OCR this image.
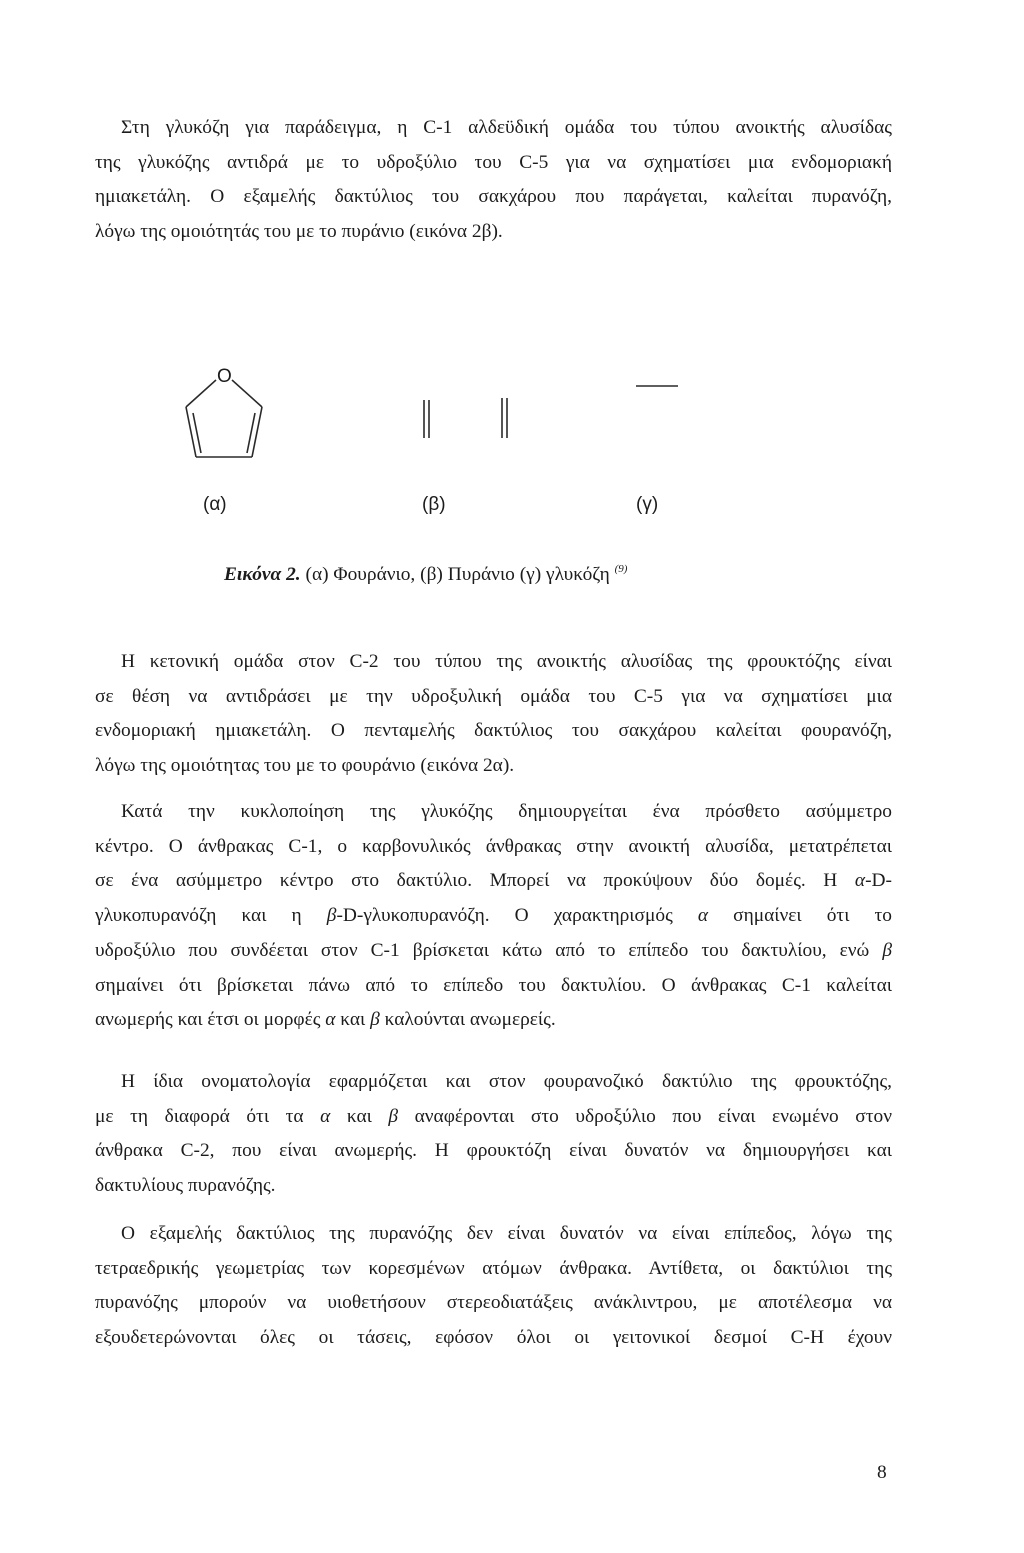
Στη γλυκόζη για παράδειγμα, η C-1 αλδεϋδική ομάδα του τύπου ανοικτής αλυσίδας
της γλυκόζης αντιδρά με το υδροξύλιο του C-5 για να σχηματίσει μια ενδομοριακή
ημιακετάλη. Ο εξαμελής δακτύλιος του σακχάρου που παράγεται, καλείται πυρανόζη,
λόγω της ομοιότητάς του με το πυράνιο (εικόνα 2β).

O
(α)	(β)	(γ)
Εικόνα 2. (α) Φουράνιο, (β) Πυράνιο (γ) γλυκόζη $^{(9)}$

Η κετονική ομάδα στον C-2 του τύπου της ανοικτής αλυσίδας της φρουκτόζης είναι
σε θέση να αντιδράσει με την υδροξυλική ομάδα του C-5 για να σχηματίσει μια
ενδομοριακή ημιακετάλη. Ο πενταμελής δακτύλιος του σακχάρου καλείται φουρανόζη,
λόγω της ομοιότητας του με το φουράνιο (εικόνα 2α).

Κατά την κυκλοποίηση της γλυκόζης δημιουργείται ένα πρόσθετο ασύμμετρο
κέντρο. Ο άνθρακας C-1, ο καρβονυλικός άνθρακας στην ανοικτή αλυσίδα, μετατρέπεται
σε ένα ασύμμετρο κέντρο στο δακτύλιο. Μπορεί να προκύψουν δύο δομές. Η α-D-
γλυκοπυρανόζη και η β-D-γλυκοπυρανόζη. Ο χαρακτηρισμός α σημαίνει ότι το
υδροξύλιο που συνδέεται στον C-1 βρίσκεται κάτω από το επίπεδο του δακτυλίου, ενώ β
σημαίνει ότι βρίσκεται πάνω από το επίπεδο του δακτυλίου. Ο άνθρακας C-1 καλείται
ανωμερής και έτσι οι μορφές α και β καλούνται ανωμερείς.

Η ίδια ονοματολογία εφαρμόζεται και στον φουρανοζικό δακτύλιο της φρουκτόζης,
με τη διαφορά ότι τα α και β αναφέρονται στο υδροξύλιο που είναι ενωμένο στον
άνθρακα C-2, που είναι ανωμερής. Η φρουκτόζη είναι δυνατόν να δημιουργήσει και
δακτυλίους πυρανόζης.

Ο εξαμελής δακτύλιος της πυρανόζης δεν είναι δυνατόν να είναι επίπεδος, λόγω της
τετραεδρικής γεωμετρίας των κορεσμένων ατόμων άνθρακα. Αντίθετα, οι δακτύλιοι της
πυρανόζης μπορούν να υιοθετήσουν στερεοδιατάξεις ανάκλιντρου, με αποτέλεσμα να
εξουδετερώνονται όλες οι τάσεις, εφόσον όλοι οι γειτονικοί δεσμοί C-H έχουν

8
